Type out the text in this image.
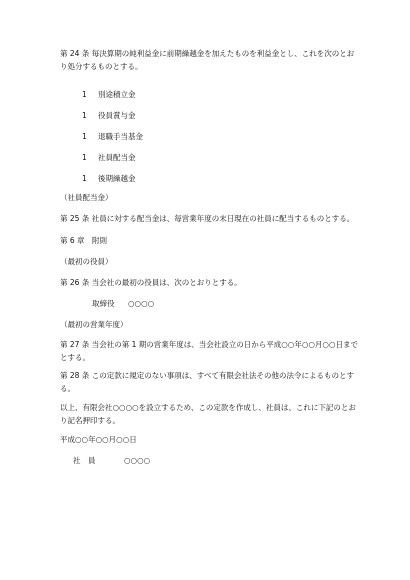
第 24 条 毎決算期の純利益金に前期繰越金を加えたものを利益金とし、これを次のとおり処分するものとする。
1 別途積立金
1 役員賞与金
1 退職手当基金
1 社員配当金
1 後期繰越金
（社員配当金）
第 25 条 社員に対する配当金は、毎営業年度の末日現在の社員に配当するものとする。
第 6 章　附則
（最初の役員）
第 26 条 当会社の最初の役員は、次のとおりとする。
取締役 ○○○○
（最初の営業年度）
第 27 条 当会社の第 1 期の営業年度は、当会社設立の日から平成○○年○○月○○日までとする。
第 28 条 この定款に規定のない事項は、すべて有限会社法その他の法令によるものとする。
以上、有限会社○○○○を設立するため、この定款を作成し、社員は、これに下記のとおり記名押印する。
平成○○年○○月○○日
社　員	○○○○
